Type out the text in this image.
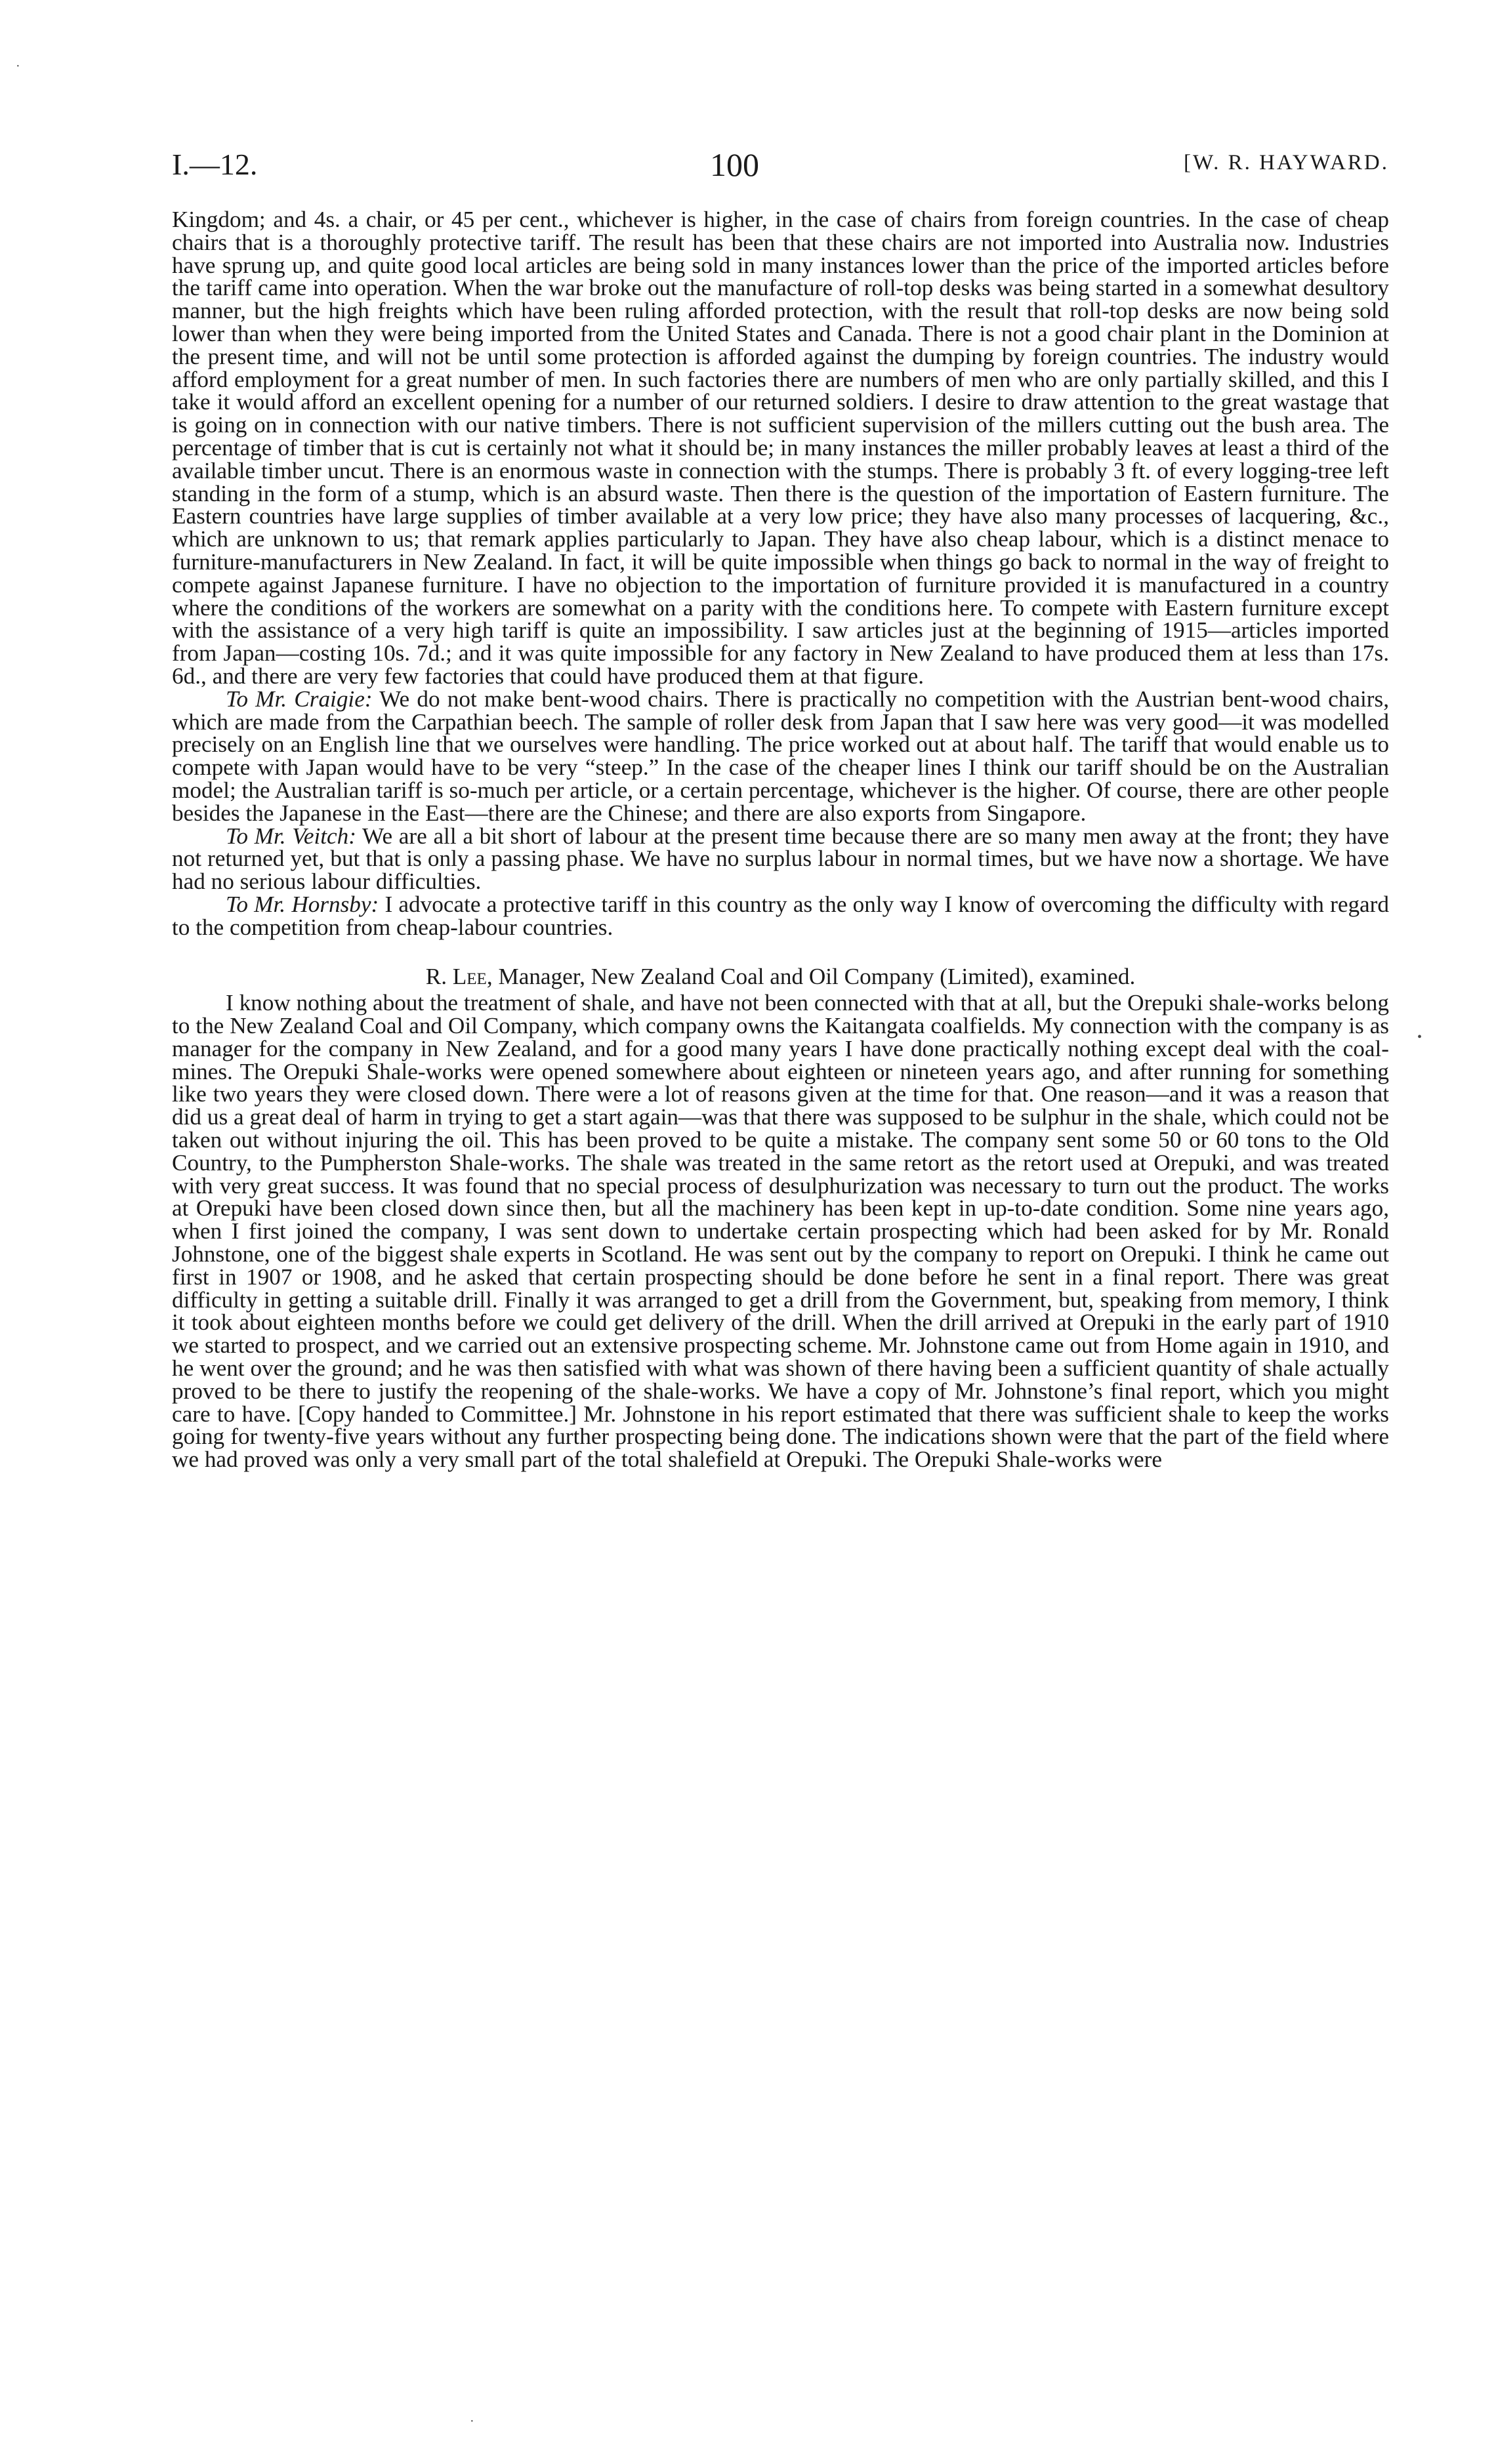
I.—12.	100	[W. R. HAYWARD.

Kingdom; and 4s. a chair, or 45 per cent., whichever is higher, in the case of chairs from foreign countries. In the case of cheap chairs that is a thoroughly protective tariff. The result has been that these chairs are not imported into Australia now. Industries have sprung up, and quite good local articles are being sold in many instances lower than the price of the imported articles before the tariff came into operation. When the war broke out the manufacture of roll-top desks was being started in a somewhat desultory manner, but the high freights which have been ruling afforded protection, with the result that roll-top desks are now being sold lower than when they were being imported from the United States and Canada. There is not a good chair plant in the Dominion at the present time, and will not be until some protection is afforded against the dumping by foreign countries. The industry would afford employment for a great number of men. In such factories there are numbers of men who are only partially skilled, and this I take it would afford an excellent opening for a number of our returned soldiers. I desire to draw attention to the great wastage that is going on in connection with our native timbers. There is not sufficient supervision of the millers cutting out the bush area. The percentage of timber that is cut is certainly not what it should be; in many instances the miller probably leaves at least a third of the available timber uncut. There is an enormous waste in connection with the stumps. There is probably 3 ft. of every logging-tree left standing in the form of a stump, which is an absurd waste. Then there is the question of the importation of Eastern furniture. The Eastern countries have large supplies of timber available at a very low price; they have also many processes of lacquering, &c., which are unknown to us; that remark applies particularly to Japan. They have also cheap labour, which is a distinct menace to furniture-manufacturers in New Zealand. In fact, it will be quite impossible when things go back to normal in the way of freight to compete against Japanese furniture. I have no objection to the importation of furniture provided it is manufactured in a country where the conditions of the workers are somewhat on a parity with the conditions here. To compete with Eastern furniture except with the assistance of a very high tariff is quite an impossibility. I saw articles just at the beginning of 1915—articles imported from Japan—costing 10s. 7d.; and it was quite impossible for any factory in New Zealand to have produced them at less than 17s. 6d., and there are very few factories that could have produced them at that figure.

To Mr. Craigie: We do not make bent-wood chairs. There is practically no competition with the Austrian bent-wood chairs, which are made from the Carpathian beech. The sample of roller desk from Japan that I saw here was very good—it was modelled precisely on an English line that we ourselves were handling. The price worked out at about half. The tariff that would enable us to compete with Japan would have to be very “steep.” In the case of the cheaper lines I think our tariff should be on the Australian model; the Australian tariff is so-much per article, or a certain percentage, whichever is the higher. Of course, there are other people besides the Japanese in the East—there are the Chinese; and there are also exports from Singapore.

To Mr. Veitch: We are all a bit short of labour at the present time because there are so many men away at the front; they have not returned yet, but that is only a passing phase. We have no surplus labour in normal times, but we have now a shortage. We have had no serious labour difficulties.

To Mr. Hornsby: I advocate a protective tariff in this country as the only way I know of overcoming the difficulty with regard to the competition from cheap-labour countries.

R. Lee, Manager, New Zealand Coal and Oil Company (Limited), examined.

I know nothing about the treatment of shale, and have not been connected with that at all, but the Orepuki shale-works belong to the New Zealand Coal and Oil Company, which company owns the Kaitangata coalfields. My connection with the company is as manager for the company in New Zealand, and for a good many years I have done practically nothing except deal with the coal-mines. The Orepuki Shale-works were opened somewhere about eighteen or nineteen years ago, and after running for something like two years they were closed down. There were a lot of reasons given at the time for that. One reason—and it was a reason that did us a great deal of harm in trying to get a start again—was that there was supposed to be sulphur in the shale, which could not be taken out without injuring the oil. This has been proved to be quite a mistake. The company sent some 50 or 60 tons to the Old Country, to the Pumpherston Shale-works. The shale was treated in the same retort as the retort used at Orepuki, and was treated with very great success. It was found that no special process of desulphurization was necessary to turn out the product. The works at Orepuki have been closed down since then, but all the machinery has been kept in up-to-date condition. Some nine years ago, when I first joined the company, I was sent down to undertake certain prospecting which had been asked for by Mr. Ronald Johnstone, one of the biggest shale experts in Scotland. He was sent out by the company to report on Orepuki. I think he came out first in 1907 or 1908, and he asked that certain prospecting should be done before he sent in a final report. There was great difficulty in getting a suitable drill. Finally it was arranged to get a drill from the Government, but, speaking from memory, I think it took about eighteen months before we could get delivery of the drill. When the drill arrived at Orepuki in the early part of 1910 we started to prospect, and we carried out an extensive prospecting scheme. Mr. Johnstone came out from Home again in 1910, and he went over the ground; and he was then satisfied with what was shown of there having been a sufficient quantity of shale actually proved to be there to justify the reopening of the shale-works. We have a copy of Mr. Johnstone’s final report, which you might care to have. [Copy handed to Committee.] Mr. Johnstone in his report estimated that there was sufficient shale to keep the works going for twenty-five years without any further prospecting being done. The indications shown were that the part of the field where we had proved was only a very small part of the total shalefield at Orepuki. The Orepuki Shale-works were

·
•
·
